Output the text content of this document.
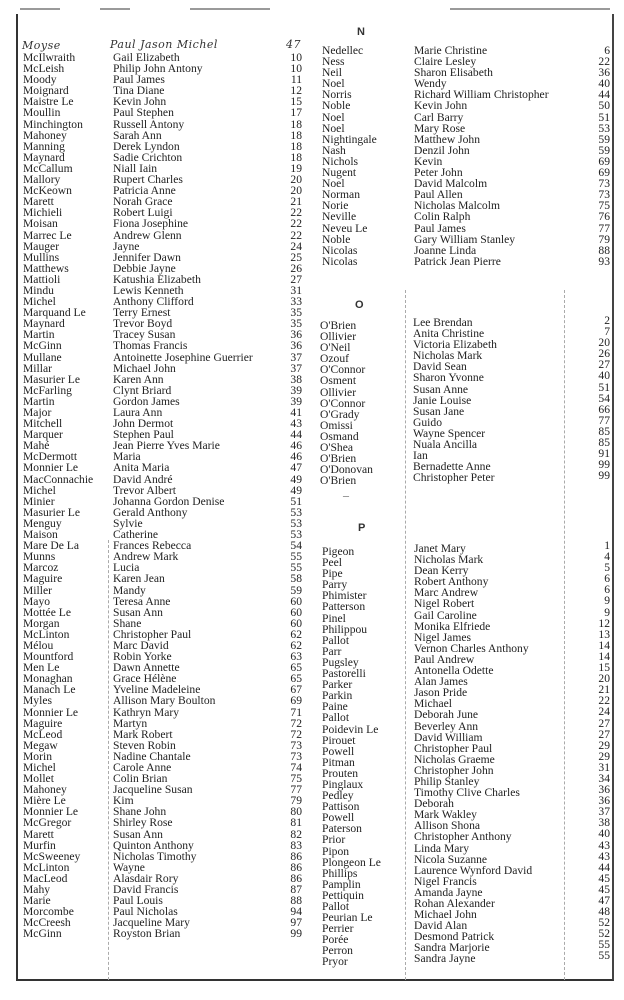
Moyse	Paul Jason Michel	47
McIlwraith
McLeish
Moody
Moignard
Maistre Le
Moullin
Minchington
Mahoney
Manning
Maynard
McCallum
Mallory
McKeown
Marett
Michieli
Moisan
Marrec Le
Mauger
Mullins
Matthews
Mattioli
Mindu
Michel
Marquand Le
Maynard
Martin
McGinn
Mullane
Millar
Masurier Le
McFarling
Martin
Major
Mitchell
Marquer
Mahé
McDermott
Monnier Le
MacConnachie
Michel
Minier
Masurier Le
Menguy
Maison
Mare De La
Munns
Marcoz
Maguire
Miller
Mayo
Mottée Le
Morgan
McLinton
Mélou
Mountford
Men Le
Monaghan
Manach Le
Myles
Monnier Le
Maguire
McLeod
Megaw
Morin
Michel
Mollet
Mahoney
Mière Le
Monnier Le
McGregor
Marett
Murfin
McSweeney
McLinton
MacLeod
Mahy
Marie
Morcombe
McCreesh
McGinn
Gail Elizabeth
Philip John Antony
Paul James
Tina Diane
Kevin John
Paul Stephen
Russell Antony
Sarah Ann
Derek Lyndon
Sadie Crichton
Niall Iain
Rupert Charles
Patricia Anne
Norah Grace
Robert Luigi
Fiona Josephine
Andrew Glenn
Jayne
Jennifer Dawn
Debbie Jayne
Katushia Elizabeth
Lewis Kenneth
Anthony Clifford
Terry Ernest
Trevor Boyd
Tracey Susan
Thomas Francis
Antoinette Josephine Guerrier
Michael John
Karen Ann
Clynt Briard
Gordon James
Laura Ann
John Dermot
Stephen Paul
Jean Pierre Yves Marie
Maria
Anita Maria
David André
Trevor Albert
Johanna Gordon Denise
Gerald Anthony
Sylvie
Catherine
Frances Rebecca
Andrew Mark
Lucia
Karen Jean
Mandy
Teresa Anne
Susan Ann
Shane
Christopher Paul
Marc David
Robin Yorke
Dawn Annette
Grace Hélène
Yveline Madeleine
Allison Mary Boulton
Kathryn Mary
Martyn
Mark Robert
Steven Robin
Nadine Chantale
Carole Anne
Colin Brian
Jacqueline Susan
Kim
Shane John
Shirley Rose
Susan Ann
Quinton Anthony
Nicholas Timothy
Wayne
Alasdair Rory
David Francis
Paul Louis
Paul Nicholas
Jacqueline Mary
Royston Brian
10
10
11
12
15
17
18
18
18
18
19
20
20
21
22
22
22
24
25
26
27
31
33
35
35
36
36
37
37
38
39
39
41
43
44
46
46
47
49
49
51
53
53
53
54
55
55
58
59
60
60
60
62
62
63
65
65
67
69
71
72
72
73
73
74
75
77
79
80
81
82
83
86
86
86
87
88
94
97
99
N
Nedellec
Ness
Neil
Noel
Norris
Noble
Noel
Noel
Nightingale
Nash
Nichols
Nugent
Noel
Norman
Norie
Neville
Neveu Le
Noble
Nicolas
Nicolas
Marie Christine
Claire Lesley
Sharon Elisabeth
Wendy
Richard William Christopher
Kevin John
Carl Barry
Mary Rose
Matthew John
Denzil John
Kevin
Peter John
David Malcolm
Paul Allen
Nicholas Malcolm
Colin Ralph
Paul James
Gary William Stanley
Joanne Linda
Patrick Jean Pierre
6
22
36
40
44
50
51
53
59
59
69
69
73
73
75
76
77
79
88
93
O
O'Brien
Ollivier
O'Neil
Ozouf
O'Connor
Osment
Ollivier
O'Connor
O'Grady
Omissi
Osmand
O'Shea
O'Brien
O'Donovan
O'Brien
Lee Brendan
Anita Christine
Victoria Elizabeth
Nicholas Mark
David Sean
Sharon Yvonne
Susan Anne
Janie Louise
Susan Jane
Guido
Wayne Spencer
Nuala Ancilla
Ian
Bernadette Anne
Christopher Peter
2
7
20
26
27
40
51
54
66
77
85
85
91
99
99
–
P
Pigeon
Peel
Pipe
Parry
Phimister
Patterson
Pinel
Philippou
Pallot
Parr
Pugsley
Pastorelli
Parker
Parkin
Paine
Pallot
Poidevin Le
Pirouet
Powell
Pitman
Prouten
Pinglaux
Pedley
Pattison
Powell
Paterson
Prior
Pipon
Plongeon Le
Phillips
Pamplin
Pettiquin
Pallot
Peurian Le
Perrier
Porée
Perron
Pryor
Janet Mary
Nicholas Mark
Dean Kerry
Robert Anthony
Marc Andrew
Nigel Robert
Gail Caroline
Monika Elfriede
Nigel James
Vernon Charles Anthony
Paul Andrew
Antonella Odette
Alan James
Jason Pride
Michael
Deborah June
Beverley Ann
David William
Christopher Paul
Nicholas Graeme
Christopher John
Philip Stanley
Timothy Clive Charles
Deborah
Mark Wakley
Allison Shona
Christopher Anthony
Linda Mary
Nicola Suzanne
Laurence Wynford David
Nigel Francis
Amanda Jayne
Rohan Alexander
Michael John
David Alan
Desmond Patrick
Sandra Marjorie
Sandra Jayne
1
4
5
6
6
9
9
12
13
14
14
15
20
21
22
24
27
27
29
29
31
34
36
36
37
38
40
43
43
44
45
45
47
48
52
52
55
55
